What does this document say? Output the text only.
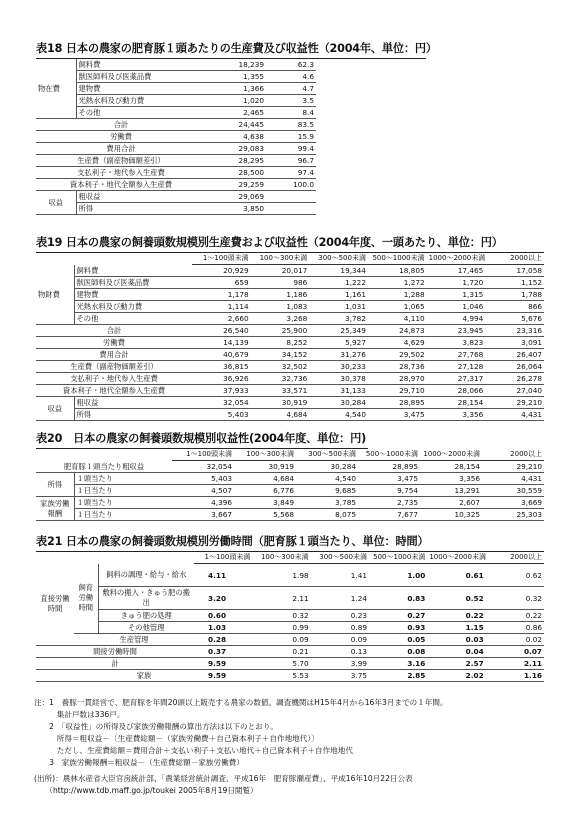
表18 日本の農家の肥育豚１頭あたりの生産費及び収益性（2004年、単位：円）
物在費	飼料費	18,239	62.3
	獣医師料及び医薬品費	1,355	4.6
	建物費	1,366	4.7
	光熱水料及び動力費	1,020	3.5
	その他	2,465	8.4
合計		24,445	83.5
労働費		4,638	15.9
費用合計		29,083	99.4
生産費（副産物価額差引）		28,295	96.7
支払利子・地代参入生産費		28,500	97.4
資本利子・地代全額参入生産費		29,259	100.0
収益	粗収益	29,069	
	所得	3,850	
表19 日本の農家の飼養頭数規模別生産費および収益性（2004年度、一頭あたり、単位：円）
		1～100頭未満	100～300未満	300～500未満	500～1000未満	1000～2000未満	2000以上
物財費	飼料費	20,929	20,017	19,344	18,805	17,465	17,058
	獣医師料及び医薬品費	659	986	1,222	1,272	1,720	1,152
	建物費	1,178	1,186	1,161	1,288	1,315	1,788
	光熱水料及び動力費	1,114	1,083	1,031	1,065	1,046	866
	その他	2,660	3,268	3,782	4,110	4,994	5,676
合計		26,540	25,900	25,349	24,873	23,945	23,316
労働費		14,139	8,252	5,927	4,629	3,823	3,091
費用合計		40,679	34,152	31,276	29,502	27,768	26,407
生産費（副産物価額差引）		36,815	32,502	30,233	28,736	27,128	26,064
支払利子・地代参入生産費		36,926	32,736	30,378	28,970	27,317	26,278
資本利子・地代全額参入生産費		37,933	33,571	31,133	29,710	28,066	27,040
収益	粗収益	32,054	30,919	30,284	28,895	28,154	29,210
	所得	5,403	4,684	4,540	3,475	3,356	4,431
表20　日本の農家の飼養頭数規模別収益性(2004年度、単位：円)
		1～100頭未満	100～300未満	300～500未満	500～1000未満	1000～2000未満	2000以上
肥育豚１頭当たり粗収益		32,054	30,919	30,284	28,895	28,154	29,210
所得	１頭当たり	5,403	4,684	4,540	3,475	3,356	4,431
	１日当たり	4,507	6,776	9,685	9,754	13,291	30,559
家族労働報酬	１頭当たり	4,396	3,849	3,785	2,735	2,607	3,669
	１日当たり	3,667	5,568	8,075	7,677	10,325	25,303
表21 日本の農家の飼養頭数規模別労働時間（肥育豚１頭当たり、単位：時間）
			1～100頭未満	100～300未満	300～500未満	500～1000未満	1000～2000未満	2000以上
直接労働時間	飼育労働時間	飼料の調理・給与・給水	4.11	1.98	1.41	1.00	0.61	0.62
		敷料の搬入・きゅう肥の搬出	3.20	2.11	1.24	0.83	0.52	0.32
		きゅう肥の処理	0.60	0.32	0.23	0.27	0.22	0.22
		その他管理	1.03	0.99	0.89	0.93	1.15	0.86
	生産管理		0.28	0.09	0.09	0.05	0.03	0.02
間接労働時間			0.37	0.21	0.13	0.08	0.04	0.07
計			9.59	5.70	3.99	3.16	2.57	2.11
家族			9.59	5.53	3.75	2.85	2.02	1.16
注：1　養豚一貫経営で、肥育豚を年間20頭以上販売する農家の数値。調査機関はH15年4月から16年3月までの１年間。
　　　集計戸数は336戸。
　　2　「収益性」の所得及び家族労働報酬の算出方法は以下のとおり。
　　　所得＝粗収益－〔生産費総額－（家族労働費＋自己資本利子＋自作地地代）〕
　　　ただし、生産費総額＝費用合計＋支払い利子＋支払い地代＋自己資本利子＋自作地地代
　　3　家族労働報酬＝粗収益－（生産費総額－家族労働費）
(出所)：農林水産省大臣官房統計部、「農業経営統計調査、平成16年　肥育豚瀬産費」、平成16年10月22日公表
　　（http://www.tdb.maff.go.jp/toukei 2005年8月19日閲覧）
